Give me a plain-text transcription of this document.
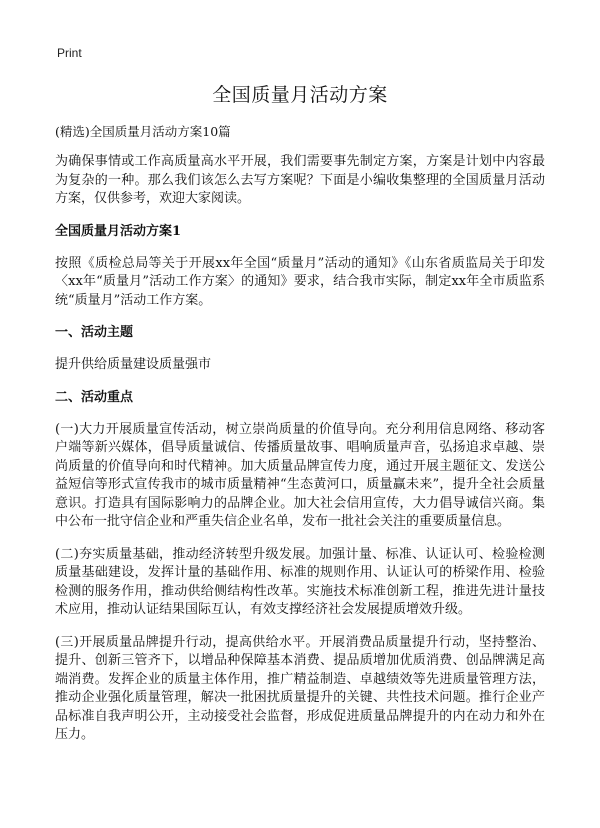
Print
全国质量月活动方案

(精选)全国质量月活动方案10篇

为确保事情或工作高质量高水平开展，我们需要事先制定方案，方案是计划中内容最为复杂的一种。那么我们该怎么去写方案呢？下面是小编收集整理的全国质量月活动方案，仅供参考，欢迎大家阅读。

全国质量月活动方案1

按照《质检总局等关于开展xx年全国“质量月”活动的通知》《山东省质监局关于印发〈xx年“质量月”活动工作方案〉的通知》要求，结合我市实际，制定xx年全市质监系统“质量月”活动工作方案。

一、活动主题

提升供给质量建设质量强市

二、活动重点

(一)大力开展质量宣传活动，树立崇尚质量的价值导向。充分利用信息网络、移动客户端等新兴媒体，倡导质量诚信、传播质量故事、唱响质量声音，弘扬追求卓越、崇尚质量的价值导向和时代精神。加大质量品牌宣传力度，通过开展主题征文、发送公益短信等形式宣传我市的城市质量精神“生态黄河口，质量赢未来”，提升全社会质量意识。打造具有国际影响力的品牌企业。加大社会信用宣传，大力倡导诚信兴商。集中公布一批守信企业和严重失信企业名单，发布一批社会关注的重要质量信息。

(二)夯实质量基础，推动经济转型升级发展。加强计量、标准、认证认可、检验检测质量基础建设，发挥计量的基础作用、标准的规则作用、认证认可的桥梁作用、检验检测的服务作用，推动供给侧结构性改革。实施技术标准创新工程，推进先进计量技术应用，推动认证结果国际互认，有效支撑经济社会发展提质增效升级。

(三)开展质量品牌提升行动，提高供给水平。开展消费品质量提升行动，坚持整治、提升、创新三管齐下，以增品种保障基本消费、提品质增加优质消费、创品牌满足高端消费。发挥企业的质量主体作用，推广精益制造、卓越绩效等先进质量管理方法，推动企业强化质量管理，解决一批困扰质量提升的关键、共性技术问题。推行企业产品标准自我声明公开，主动接受社会监督，形成促进质量品牌提升的内在动力和外在压力。
